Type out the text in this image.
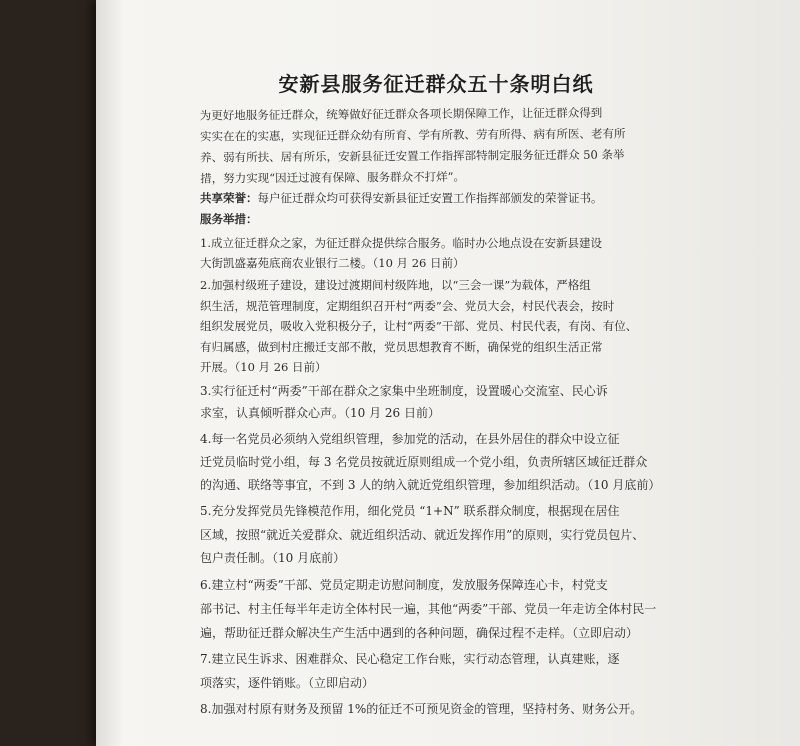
安新县服务征迁群众五十条明白纸
为更好地服务征迁群众，统筹做好征迁群众各项长期保障工作，让征迁群众得到
实实在在的实惠，实现征迁群众幼有所育、学有所教、劳有所得、病有所医、老有所
养、弱有所扶、居有所乐，安新县征迁安置工作指挥部特制定服务征迁群众 50 条举
措，努力实现“因迁过渡有保障、服务群众不打烊”。
共享荣誉：每户征迁群众均可获得安新县征迁安置工作指挥部颁发的荣誉证书。
服务举措：
1.成立征迁群众之家，为征迁群众提供综合服务。临时办公地点设在安新县建设
大街凯盛嘉苑底商农业银行二楼。（10 月 26 日前）
2.加强村级班子建设，建设过渡期间村级阵地，以“三会一课”为载体，严格组
织生活，规范管理制度，定期组织召开村“两委”会、党员大会，村民代表会，按时
组织发展党员，吸收入党积极分子，让村“两委”干部、党员、村民代表，有岗、有位、
有归属感，做到村庄搬迁支部不散，党员思想教育不断，确保党的组织生活正常
开展。（10 月 26 日前）
3.实行征迁村“两委”干部在群众之家集中坐班制度，设置暖心交流室、民心诉
求室，认真倾听群众心声。（10 月 26 日前）
4.每一名党员必须纳入党组织管理，参加党的活动，在县外居住的群众中设立征
迁党员临时党小组，每 3 名党员按就近原则组成一个党小组，负责所辖区域征迁群众
的沟通、联络等事宜，不到 3 人的纳入就近党组织管理，参加组织活动。（10 月底前）
5.充分发挥党员先锋模范作用，细化党员 “1+N” 联系群众制度，根据现在居住
区域，按照“就近关爱群众、就近组织活动、就近发挥作用”的原则，实行党员包片、
包户责任制。（10 月底前）
6.建立村“两委”干部、党员定期走访慰问制度，发放服务保障连心卡，村党支
部书记、村主任每半年走访全体村民一遍，其他“两委”干部、党员一年走访全体村民一
遍，帮助征迁群众解决生产生活中遇到的各种问题，确保过程不走样。（立即启动）
7.建立民生诉求、困难群众、民心稳定工作台账，实行动态管理，认真建账，逐
项落实，逐件销账。（立即启动）
8.加强对村原有财务及预留 1%的征迁不可预见资金的管理，坚持村务、财务公开。
